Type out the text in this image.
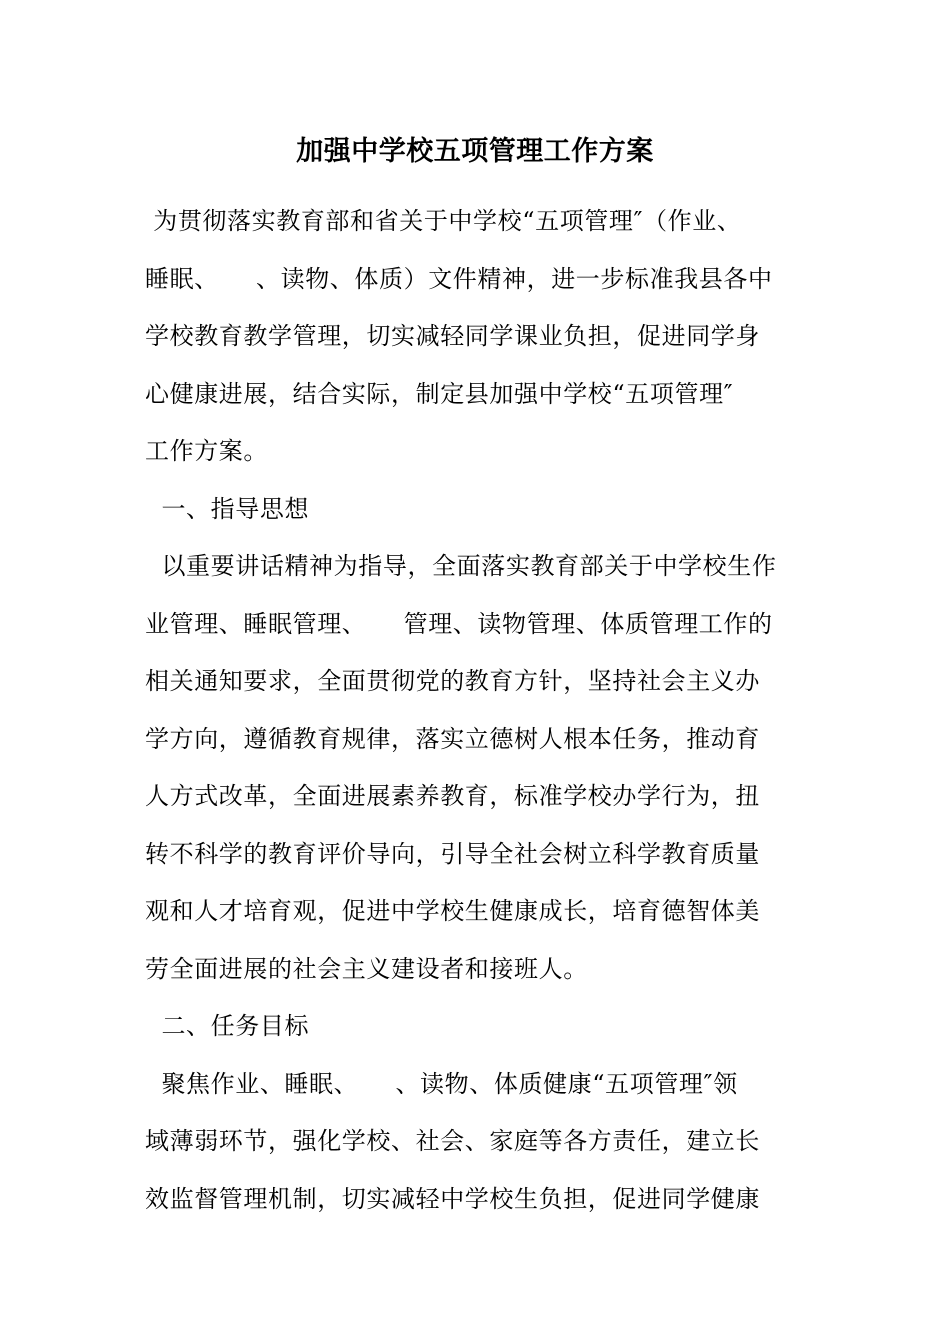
加强中学校五项管理工作方案
为贯彻落实教育部和省关于中学校“五项管理″（作业、
睡眠、　　、读物、体质）文件精神，进一步标准我县各中
学校教育教学管理，切实减轻同学课业负担，促进同学身
心健康进展，结合实际，制定县加强中学校“五项管理″
工作方案。
一、指导思想
以重要讲话精神为指导，全面落实教育部关于中学校生作
业管理、睡眠管理、　　管理、读物管理、体质管理工作的
相关通知要求，全面贯彻党的教育方针，坚持社会主义办
学方向，遵循教育规律，落实立德树人根本任务，推动育
人方式改革，全面进展素养教育，标准学校办学行为，扭
转不科学的教育评价导向，引导全社会树立科学教育质量
观和人才培育观，促进中学校生健康成长，培育德智体美
劳全面进展的社会主义建设者和接班人。
二、任务目标
聚焦作业、睡眠、　　、读物、体质健康“五项管理″领
域薄弱环节，强化学校、社会、家庭等各方责任，建立长
效监督管理机制，切实减轻中学校生负担，促进同学健康
